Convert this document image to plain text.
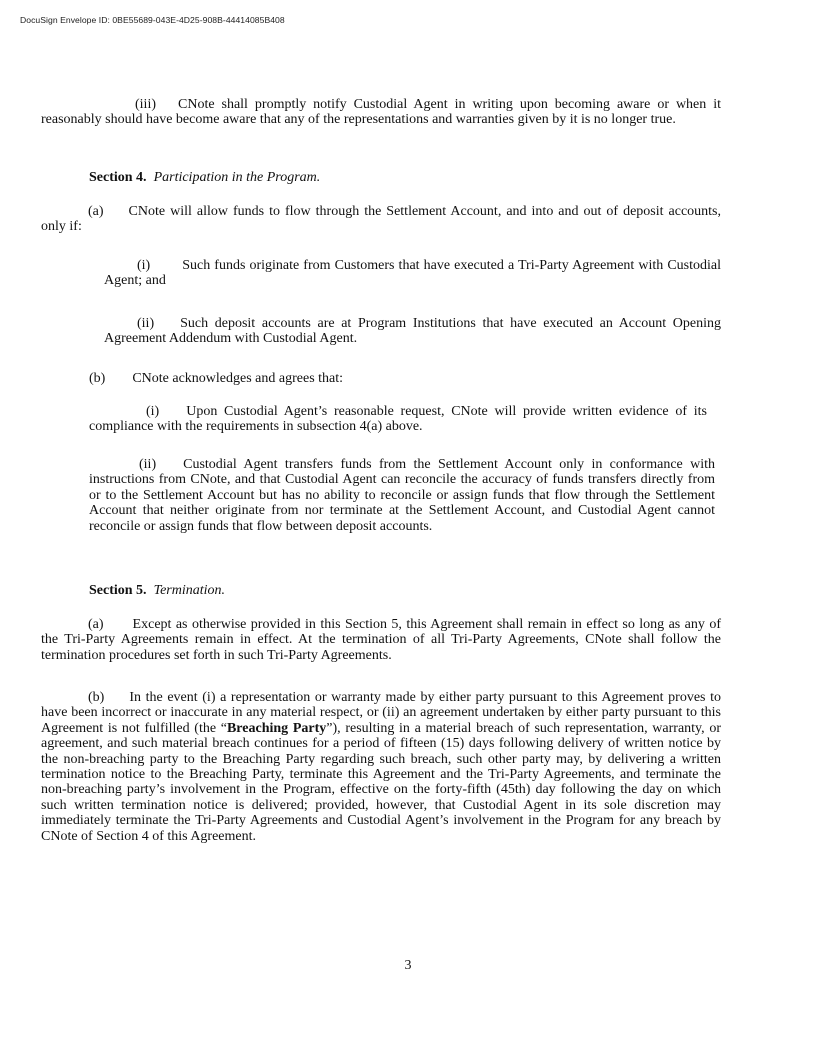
DocuSign Envelope ID: 0BE55689-043E-4D25-908B-44414085B408

(iii) CNote shall promptly notify Custodial Agent in writing upon becoming aware or when it reasonably should have become aware that any of the representations and warranties given by it is no longer true.

Section 4. Participation in the Program.

(a) CNote will allow funds to flow through the Settlement Account, and into and out of deposit accounts, only if:

(i) Such funds originate from Customers that have executed a Tri-Party Agreement with Custodial Agent; and

(ii) Such deposit accounts are at Program Institutions that have executed an Account Opening Agreement Addendum with Custodial Agent.

(b) CNote acknowledges and agrees that:

(i) Upon Custodial Agent’s reasonable request, CNote will provide written evidence of its compliance with the requirements in subsection 4(a) above.

(ii) Custodial Agent transfers funds from the Settlement Account only in conformance with instructions from CNote, and that Custodial Agent can reconcile the accuracy of funds transfers directly from or to the Settlement Account but has no ability to reconcile or assign funds that flow through the Settlement Account that neither originate from nor terminate at the Settlement Account, and Custodial Agent cannot reconcile or assign funds that flow between deposit accounts.

Section 5. Termination.

(a) Except as otherwise provided in this Section 5, this Agreement shall remain in effect so long as any of the Tri-Party Agreements remain in effect. At the termination of all Tri-Party Agreements, CNote shall follow the termination procedures set forth in such Tri-Party Agreements.

(b) In the event (i) a representation or warranty made by either party pursuant to this Agreement proves to have been incorrect or inaccurate in any material respect, or (ii) an agreement undertaken by either party pursuant to this Agreement is not fulfilled (the “Breaching Party”), resulting in a material breach of such representation, warranty, or agreement, and such material breach continues for a period of fifteen (15) days following delivery of written notice by the non-breaching party to the Breaching Party regarding such breach, such other party may, by delivering a written termination notice to the Breaching Party, terminate this Agreement and the Tri-Party Agreements, and terminate the non-breaching party’s involvement in the Program, effective on the forty-fifth (45th) day following the day on which such written termination notice is delivered; provided, however, that Custodial Agent in its sole discretion may immediately terminate the Tri-Party Agreements and Custodial Agent’s involvement in the Program for any breach by CNote of Section 4 of this Agreement.

3
